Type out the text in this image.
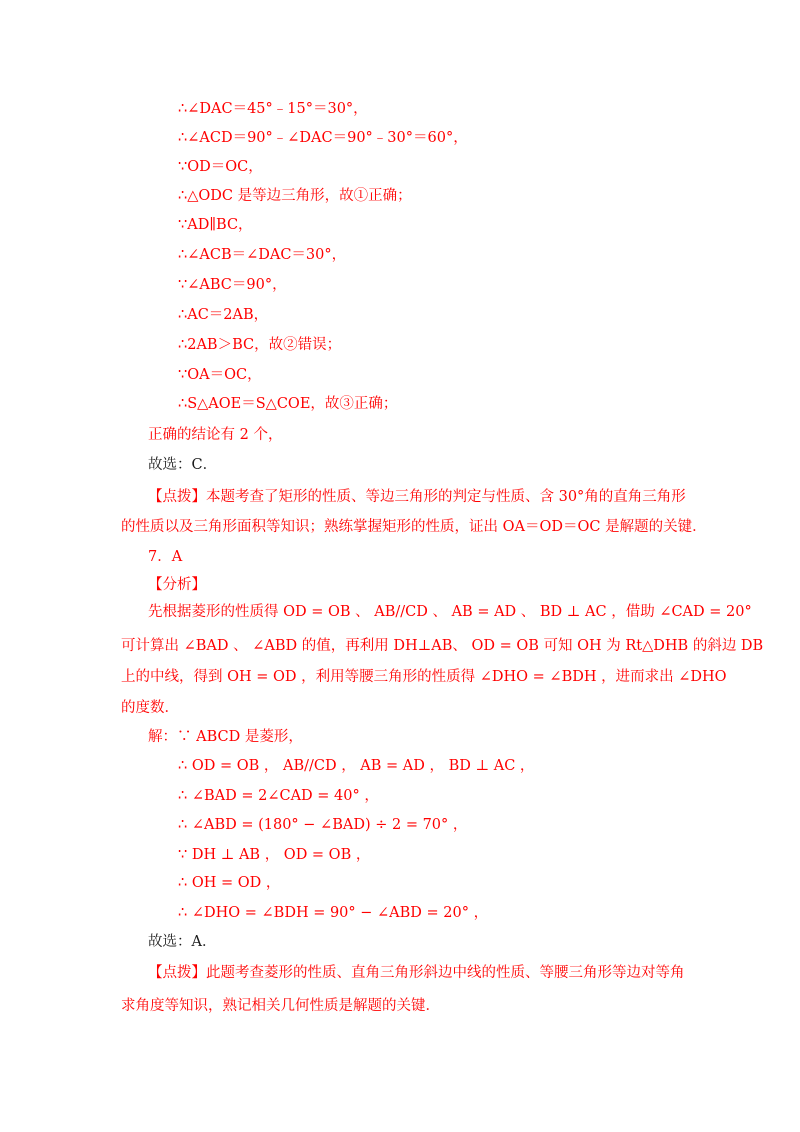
∴∠DAC＝45°﹣15°＝30°，
∴∠ACD＝90°﹣∠DAC＝90°﹣30°＝60°，
∵OD＝OC，
∴△ODC 是等边三角形，故①正确；
∵AD∥BC，
∴∠ACB＝∠DAC＝30°，
∵∠ABC＝90°，
∴AC＝2AB，
∴2AB＞BC，故②错误；
∵OA＝OC，
∴S△AOE＝S△COE，故③正确；
正确的结论有 2 个，
故选：C．
【点拨】本题考查了矩形的性质、等边三角形的判定与性质、含 30°角的直角三角形
的性质以及三角形面积等知识；熟练掌握矩形的性质，证出 OA＝OD＝OC 是解题的关键．
7．A
【分析】
先根据菱形的性质得 OD = OB 、 AB//CD 、 AB = AD 、 BD ⊥ AC ，借助 ∠CAD = 20°
可计算出 ∠BAD 、 ∠ABD 的值，再利用 DH⊥AB、 OD = OB 可知 OH 为 Rt△DHB 的斜边 DB
上的中线，得到 OH = OD ，利用等腰三角形的性质得 ∠DHO = ∠BDH ，进而求出 ∠DHO
的度数．
解：∵ ABCD 是菱形，
∴ OD = OB ， AB//CD ， AB = AD ， BD ⊥ AC ，
∴ ∠BAD = 2∠CAD = 40° ，
∴ ∠ABD = (180° − ∠BAD) ÷ 2 = 70° ，
∵ DH ⊥ AB ， OD = OB ，
∴ OH = OD ，
∴ ∠DHO = ∠BDH = 90° − ∠ABD = 20° ，
故选：A．
【点拨】此题考查菱形的性质、直角三角形斜边中线的性质、等腰三角形等边对等角
求角度等知识，熟记相关几何性质是解题的关键．
